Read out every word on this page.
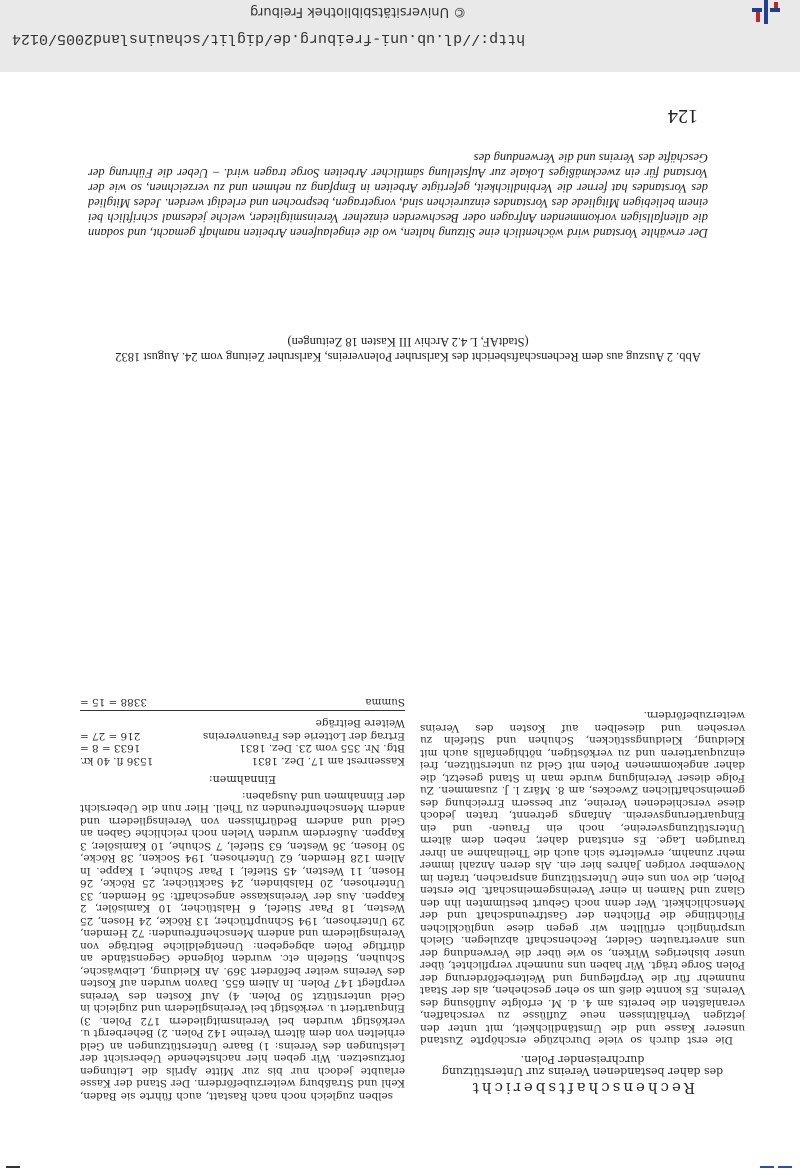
© Universitätsbibliothek Freiburg
http://dl.ub.uni-freiburg.de/diglit/schauinsland2005/0124
124

Der erwählte Vorstand wird wöchentlich eine Sitzung halten, wo die eingelaufenen Arbeiten namhaft gemacht, und sodann die allenfallsigen vorkommenden Anfragen oder Beschwerden einzelner Vereinsmitglieder, welche jedesmal schriftlich bei einem beliebigen Mitgliede des Vorstandes einzureichen sind, vorgetragen, besprochen und erledigt werden. Jedes Mitglied des Vorstandes hat ferner die Verbindlichkeit, gefertigte Arbeiten in Empfang zu nehmen und zu verzeichnen, so wie der Vorstand für ein zweckmäßiges Lokale zur Aufstellung sämtlicher Arbeiten Sorge tragen wird. – Ueber die Führung der Geschäfte des Vereins und die Verwendung des

Abb. 2 Auszug aus dem Rechenschaftsbericht des Karlsruher Polenvereins, Karlsruher Zeitung vom 24. August 1832 (StadtAF, L 4.2 Archiv III Kasten 18 Zeitungen)

selben zugleich noch nach Rastatt, auch führte sie Baden, Kehl und Straßburg weiterzubefördern. Der Stand der Kasse erlaubte jedoch nur bis zur Mitte Aprils die Leitungen fortzusetzen. Wir geben hier nachstehende Uebersicht der Leistungen des Vereins: 1) Baare Unterstützungen an Geld erhielten von dem ältern Vereine 142 Polen. 2) Beherbergt u. verköstigt wurden bei Vereinsmitgliedern 172 Polen. 3) Einquartiert u. verköstigt bei Vereinsgliedern und zugleich in Geld unterstützt 50 Polen. 4) Auf Kosten des Vereins verpflegt 147 Polen. In Allem 655. Davon wurden auf Kosten des Vereins weiter befördert 369. An Kleidung, Leibwäsche, Schuhen, Stiefeln etc. wurden folgende Gegenstände an dürftige Polen abgegeben: Unentgeldliche Beiträge von Vereinsgliedern und andern Menschenfreunden: 72 Hemden, 29 Unterhosen, 194 Schnupftücher, 13 Röcke, 24 Hosen, 25 Westen, 18 Paar Stiefel, 6 Halstücher, 10 Kamisöler, 2 Kappen. Aus der Vereinskasse angeschafft: 56 Hemden, 33 Unterhosen, 20 Halsbinden, 24 Sacktücher, 25 Röcke, 26 Hosen, 11 Westen, 45 Stiefel, 1 Paar Schuhe, 1 Kappe. In Allem 128 Hemden, 62 Unterhosen, 194 Socken, 38 Röcke, 50 Hosen, 36 Westen, 63 Stiefel, 7 Schuhe, 10 Kamisöler, 3 Kappen. Außerdem wurden Vielen noch reichliche Gaben an Geld und andern Bedürfnissen von Vereinsgliedern und andern Menschenfreunden zu Theil. Hier nun die Uebersicht der Einnahmen und Ausgaben:

Einnahmen:
Kassenrest am 17. Dez. 1831
1536 fl. 40 kr.
Btg. Nr. 355 vom 23. Dez. 1831
1633 = 8 =
Ertrag der Lotterie des Frauenvereins
216 = 27 =
Weitere Beiträge
Summa
3388 = 15 =
Rechenschaftsbericht
des daher bestandenen Vereins zur Unterstützung durchreisender Polen.

Die erst durch so viele Durchzüge erschöpfte Zustand unserer Kasse und die Umständlichkeit, mit unter den jetzigen Verhältnissen neue Zuflüsse zu verschaffen, veranlaßten die bereits am 4. d. M. erfolgte Auflösung des Vereins. Es konnte dieß um so eher geschehen, als der Staat nunmehr für die Verpflegung und Weiterbeförderung der Polen Sorge trägt. Wir haben uns nunmehr verpflichtet, über unser bisheriges Wirken, so wie über die Verwendung der uns anvertrauten Gelder, Rechenschaft abzulegen. Gleich ursprünglich erfüllten wir gegen diese unglücklichen Flüchtlinge die Pflichten der Gastfreundschaft und der Menschlichkeit. Wer denn noch Geburt bestimmten ihn den Glanz und Namen in einer Vereinsgemeinschaft. Die ersten Polen, die von uns eine Unterstützung ansprachen, trafen im November vorigen Jahres hier ein. Als deren Anzahl immer mehr zunahm, erweiterte sich auch die Theilnahme an ihrer traurigen Lage. Es entstand daher, neben dem ältern Unterstützungsvereine, noch ein Frauen- und ein Einquartierungsverein. Anfangs getrennt, traten jedoch diese verschiedenen Vereine, zur bessern Erreichung des gemeinschaftlichen Zweckes, am 8. März l. J. zusammen. Zu Folge dieser Vereinigung wurde man in Stand gesetzt, die daher angekommenen Polen mit Geld zu unterstützen, frei einzuquartieren und zu verköstigen, nöthigenfalls auch mit Kleidung, Kleidungsstücken, Schuhen und Stiefeln zu versehen und dieselben auf Kosten des Vereins weiterzubefördern.
